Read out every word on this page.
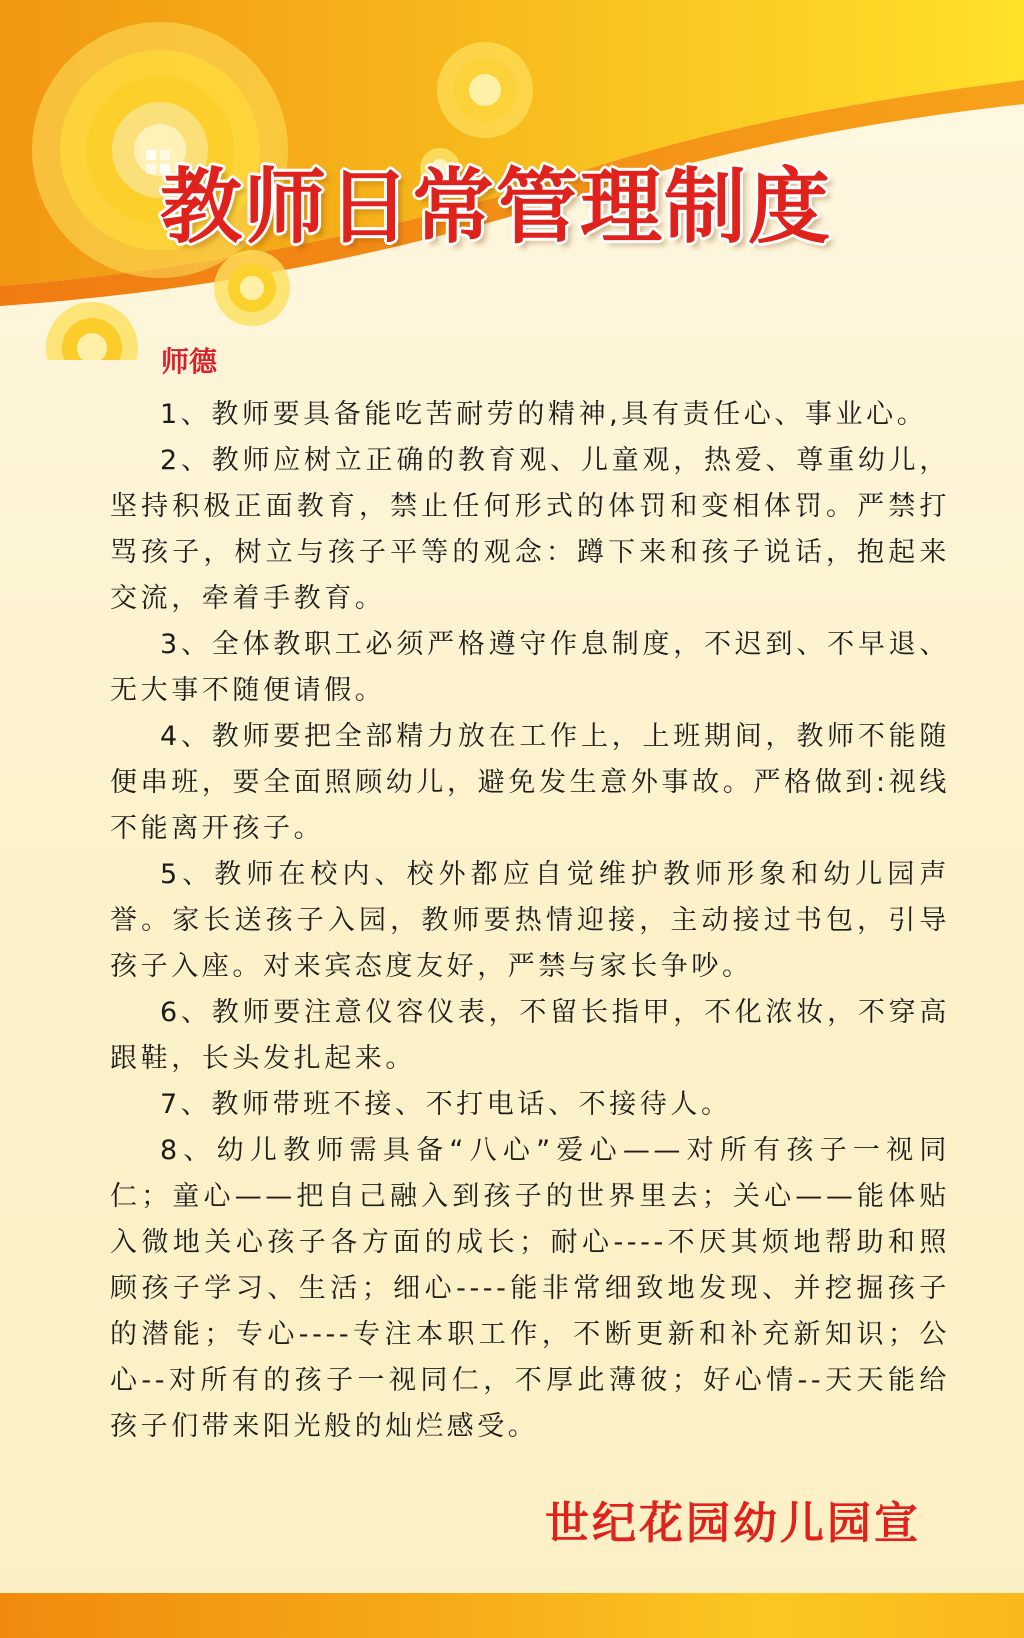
教师日常管理制度
师德
1、教师要具备能吃苦耐劳的精神,具有责任心、事业心。
2、教师应树立正确的教育观、儿童观，热爱、尊重幼儿，坚持积极正面教育，禁止任何形式的体罚和变相体罚。严禁打骂孩子，树立与孩子平等的观念：蹲下来和孩子说话，抱起来交流，牵着手教育。
3、全体教职工必须严格遵守作息制度，不迟到、不早退、无大事不随便请假。
4、教师要把全部精力放在工作上，上班期间，教师不能随便串班，要全面照顾幼儿，避免发生意外事故。严格做到:视线不能离开孩子。
5、教师在校内、校外都应自觉维护教师形象和幼儿园声誉。家长送孩子入园，教师要热情迎接，主动接过书包，引导孩子入座。对来宾态度友好，严禁与家长争吵。
6、教师要注意仪容仪表，不留长指甲，不化浓妆，不穿高跟鞋，长头发扎起来。
7、教师带班不接、不打电话、不接待人。
8、幼儿教师需具备“八心”爱心——对所有孩子一视同仁；童心——把自己融入到孩子的世界里去；关心——能体贴入微地关心孩子各方面的成长；耐心----不厌其烦地帮助和照顾孩子学习、生活；细心----能非常细致地发现、并挖掘孩子的潜能；专心----专注本职工作，不断更新和补充新知识；公心--对所有的孩子一视同仁，不厚此薄彼；好心情--天天能给孩子们带来阳光般的灿烂感受。

世纪花园幼儿园宣
